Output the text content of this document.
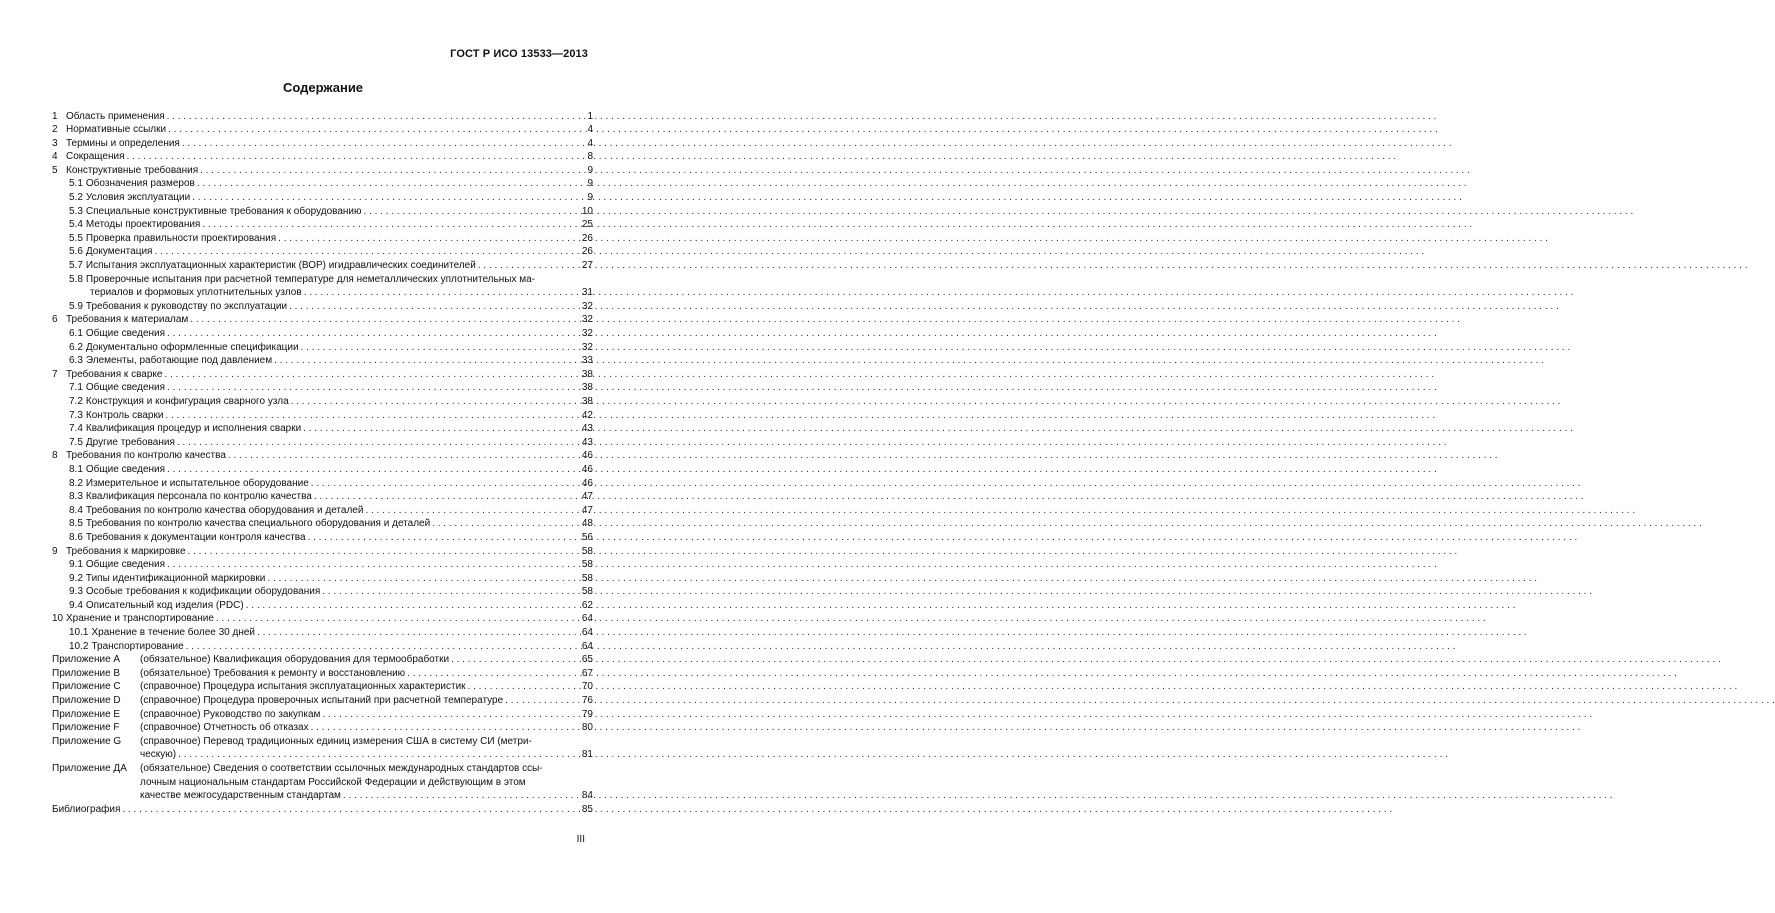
ГОСТ Р ИСО 13533—2013
Содержание
1 Область применения . . .	1
2 Нормативные ссылки . . .	4
3 Термины и определения . . .	4
4 Сокращения . . .	8
5 Конструктивные требования . . .	9
5.1 Обозначения размеров . . .	9
5.2 Условия эксплуатации . . .	9
5.3 Специальные конструктивные требования к оборудованию . . .	10
5.4 Методы проектирования . . .	25
5.5 Проверка правильности проектирования . . .	26
5.6 Документация . . .	26
5.7 Испытания эксплуатационных характеристик (ВОР) игидравлических соединителей . . .	27
5.8 Проверочные испытания при расчетной температуре для неметаллических уплотнительных ма-
териалов и формовых уплотнительных узлов . . .	31
5.9 Требования к руководству по эксплуатации . . .	32
6 Требования к материалам . . .	32
6.1 Общие сведения . . .	32
6.2 Документально оформленные спецификации . . .	32
6.3 Элементы, работающие под давлением . . .	33
7 Требования к сварке . . .	38
7.1 Общие сведения . . .	38
7.2 Конструкция и конфигурация сварного узла . . .	38
7.3 Контроль сварки . . .	42
7.4 Квалификация процедур и исполнения сварки . . .	43
7.5 Другие требования . . .	43
8 Требования по контролю качества . . .	46
8.1 Общие сведения . . .	46
8.2 Измерительное и испытательное оборудование . . .	46
8.3 Квалификация персонала по контролю качества . . .	47
8.4 Требования по контролю качества оборудования и деталей . . .	47
8.5 Требования по контролю качества специального оборудования и деталей . . .	48
8.6 Требования к документации контроля качества . . .	56
9 Требования к маркировке . . .	58
9.1 Общие сведения . . .	58
9.2 Типы идентификационной маркировки . . .	58
9.3 Особые требования к кодификации оборудования . . .	58
9.4 Описательный код изделия (PDC) . . .	62
10 Хранение и транспортирование . . .	64
10.1 Хранение в течение более 30 дней . . .	64
10.2 Транспортирование . . .	64
Приложение А	(обязательное) Квалификация оборудования для термообработки . . .	65
Приложение В	(обязательное) Требования к ремонту и восстановлению . . .	67
Приложение С	(справочное) Процедура испытания эксплуатационных характеристик . . .	70
Приложение D	(справочное) Процедура проверочных испытаний при расчетной температуре . . .	76
Приложение Е	(справочное) Руководство по закупкам . . .	79
Приложение F	(справочное) Отчетность об отказах . . .	80
Приложение G	(справочное) Перевод традиционных единиц измерения США в систему СИ (метри-
ческую) . . .	81
Приложение ДА	(обязательное) Сведения о соответствии ссылочных международных стандартов ссы-
лочным национальным стандартам Российской Федерации и действующим в этом
качестве межгосударственным стандартам . . .	84
Библиография . . .	85
III
